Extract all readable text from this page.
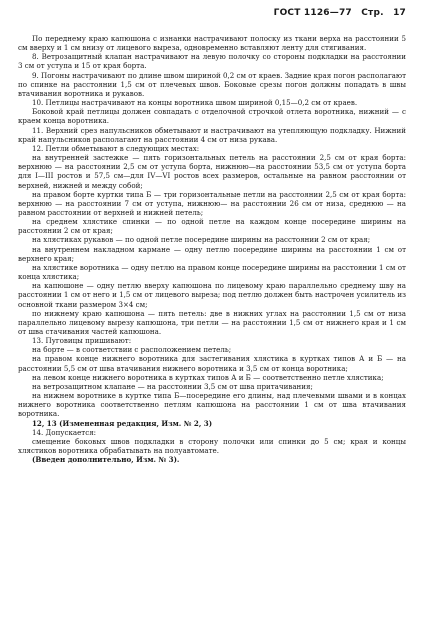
ГОСТ 1126—77 Стр. 17

По переднему краю капюшона с изнанки настрачивают полоску из ткани верха на расстоянии 5 см вверху и 1 см внизу от лицевого выреза, одновременно вставляют ленту для стягивания.

8. Ветрозащитный клапан настрачивают на левую полочку со стороны подкладки на расстоянии 3 см от уступа и 15 от края борта.

9. Погоны настрачивают по длине швом шириной 0,2 см от краев. Задние края погон располагают по спинке на расстоянии 1,5 см от плечевых швов. Боковые срезы погон должны попадать в швы втачивания воротника и рукавов.

10. Петлицы настрачивают на концы воротника швом шириной 0,15—0,2 см от краев.

Боковой край петлицы должен совпадать с отделочной строчкой отлета воротника, нижний — с краем конца воротника.

11. Верхний срез напульсников обметывают и настрачивают на утепляющую подкладку. Нижний край напульсников располагают на расстоянии 4 см от низа рукава.

12. Петли обметывают в следующих местах:

на внутренней застежке — пять горизонтальных петель на расстоянии 2,5 см от края борта: верхнюю — на расстоянии 2,5 см от уступа борта, нижнюю—на расстоянии 53,5 см от уступа борта для I—III ростов и 57,5 см—для IV—VI ростов всех размеров, остальные на равном расстоянии от верхней, нижней и между собой;

на правом борте куртки типа Б — три горизонтальные петли на расстоянии 2,5 см от края борта: верхнюю — на расстоянии 7 см от уступа, нижнюю— на расстоянии 26 см от низа, среднюю — на равном расстоянии от верхней и нижней петель;

на среднем хлястике спинки — по одной петле на каждом конце посередине ширины на расстоянии 2 см от края;

на хлястиках рукавов — по одной петле посередине ширины на расстоянии 2 см от края;

на внутреннем накладном кармане — одну петлю посередине ширины на расстоянии 1 см от верхнего края;

на хлястике воротника — одну петлю на правом конце посередине ширины на расстоянии 1 см от конца хлястика;

на капюшоне — одну петлю вверху капюшона по лицевому краю параллельно среднему шву на расстоянии 1 см от него и 1,5 см от лицевого выреза; под петлю должен быть настрочен усилитель из основной ткани размером 3×4 см;

по нижнему краю капюшона — пять петель: две в нижних углах на расстоянии 1,5 см от низа параллельно лицевому вырезу капюшона, три петли — на расстоянии 1,5 см от нижнего края и 1 см от шва стачивания частей капюшона.

13. Пуговицы пришивают:

на борте — в соответствии с расположением петель;

на правом конце нижнего воротника для застегивания хлястика в куртках типов А и Б — на расстоянии 5,5 см от шва втачивания нижнего воротника и 3,5 см от конца воротника;

на левом конце нижнего воротника в куртках типов А и Б — соответственно петле хлястика;

на ветрозащитном клапане — на расстоянии 3,5 см от шва притачивания;

на нижнем воротнике в куртке типа Б—посередине его длины, над плечевыми швами и в концах нижнего воротника соответственно петлям капюшона на расстоянии 1 см от шва втачивания воротника.

12, 13 (Измененная редакция, Изм. № 2, 3)

14. Допускается:

смещение боковых швов подкладки в сторону полочки или спинки до 5 см; края и концы хлястиков воротника обрабатывать на полуавтомате.

(Введен дополнительно, Изм. № 3).
